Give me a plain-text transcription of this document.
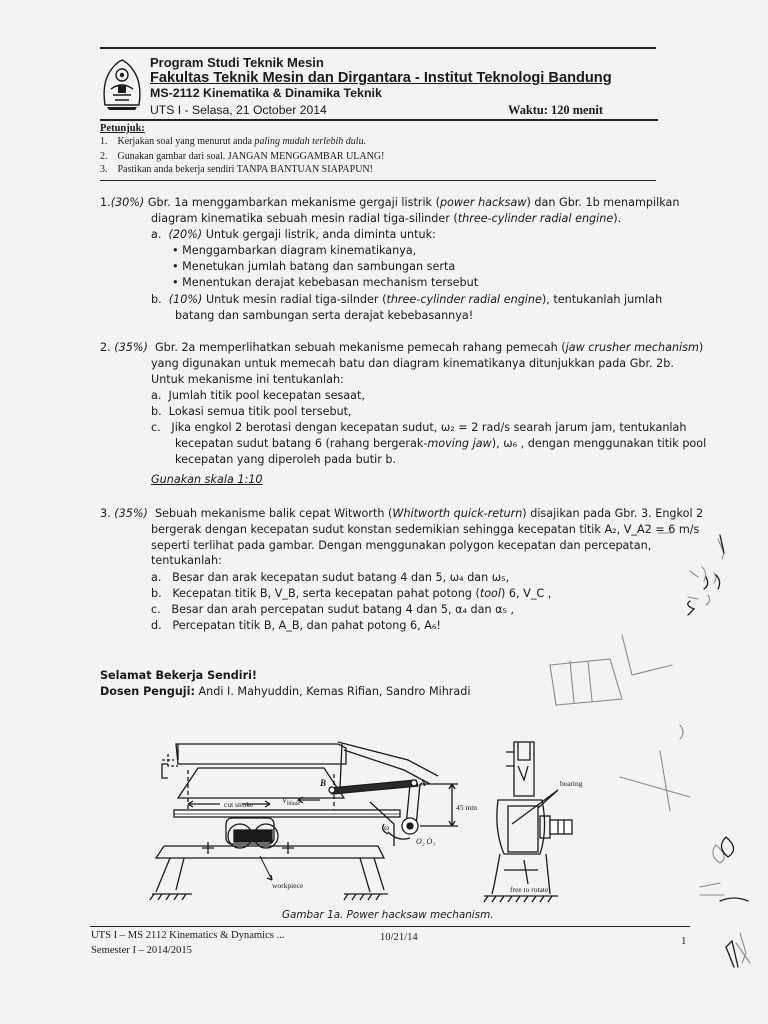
Program Studi Teknik Mesin
Fakultas Teknik Mesin dan Dirgantara - Institut Teknologi Bandung
MS-2112 Kinematika & Dinamika Teknik
UTS I - Selasa, 21 October 2014	Waktu: 120 menit
Petunjuk:
1. Kerjakan soal yang menurut anda paling mudah terlebih dulu.
2. Gunakan gambar dari soal. JANGAN MENGGAMBAR ULANG!
3. Pastikan anda bekerja sendiri TANPA BANTUAN SIAPAPUN!
1.(30%) Gbr. 1a menggambarkan mekanisme gergaji listrik (power hacksaw) dan Gbr. 1b menampilkan
diagram kinematika sebuah mesin radial tiga-silinder (three-cylinder radial engine).
a. (20%) Untuk gergaji listrik, anda diminta untuk:
• Menggambarkan diagram kinematikanya,
• Menetukan jumlah batang dan sambungan serta
• Menentukan derajat kebebasan mechanism tersebut
b. (10%) Untuk mesin radial tiga-silnder (three-cylinder radial engine), tentukanlah jumlah
batang dan sambungan serta derajat kebebasannya!
2. (35%) Gbr. 2a memperlihatkan sebuah mekanisme pemecah rahang pemecah (jaw crusher mechanism)
yang digunakan untuk memecah batu dan diagram kinematikanya ditunjukkan pada Gbr. 2b.
Untuk mekanisme ini tentukanlah:
a. Jumlah titik pool kecepatan sesaat,
b. Lokasi semua titik pool tersebut,
c. Jika engkol 2 berotasi dengan kecepatan sudut, ω₂ = 2 rad/s searah jarum jam, tentukanlah
kecepatan sudut batang 6 (rahang bergerak-moving jaw), ω₆ , dengan menggunakan titik pool
kecepatan yang diperoleh pada butir b.
Gunakan skala 1:10
3. (35%) Sebuah mekanisme balik cepat Witworth (Whitworth quick-return) disajikan pada Gbr. 3. Engkol 2
bergerak dengan kecepatan sudut konstan sedemikian sehingga kecepatan titik A₂, V_A2 = 6 m/s
seperti terlihat pada gambar. Dengan menggunakan polygon kecepatan dan percepatan,
tentukanlah:
a. Besar dan arak kecepatan sudut batang 4 dan 5, ω₄ dan ω₅,
b. Kecepatan titik B, V_B, serta kecepatan pahat potong (tool) 6, V_C ,
c. Besar dan arah percepatan sudut batang 4 dan 5, α₄ dan α₅ ,
d. Percepatan titik B, A_B, dan pahat potong 6, A₆!
Selamat Bekerja Sendiri!
Dosen Penguji: Andi I. Mahyuddin, Kemas Rifian, Sandro Mihradi
B	A
cut stroke	$V_{blade}$	45 mm
ω
O₂ O₃
workpiece
bearing
free to rotate
Gambar 1a. Power hacksaw mechanism.
UTS I – MS 2112 Kinematics & Dynamics ...
Semester I – 2014/2015
10/21/14	1
